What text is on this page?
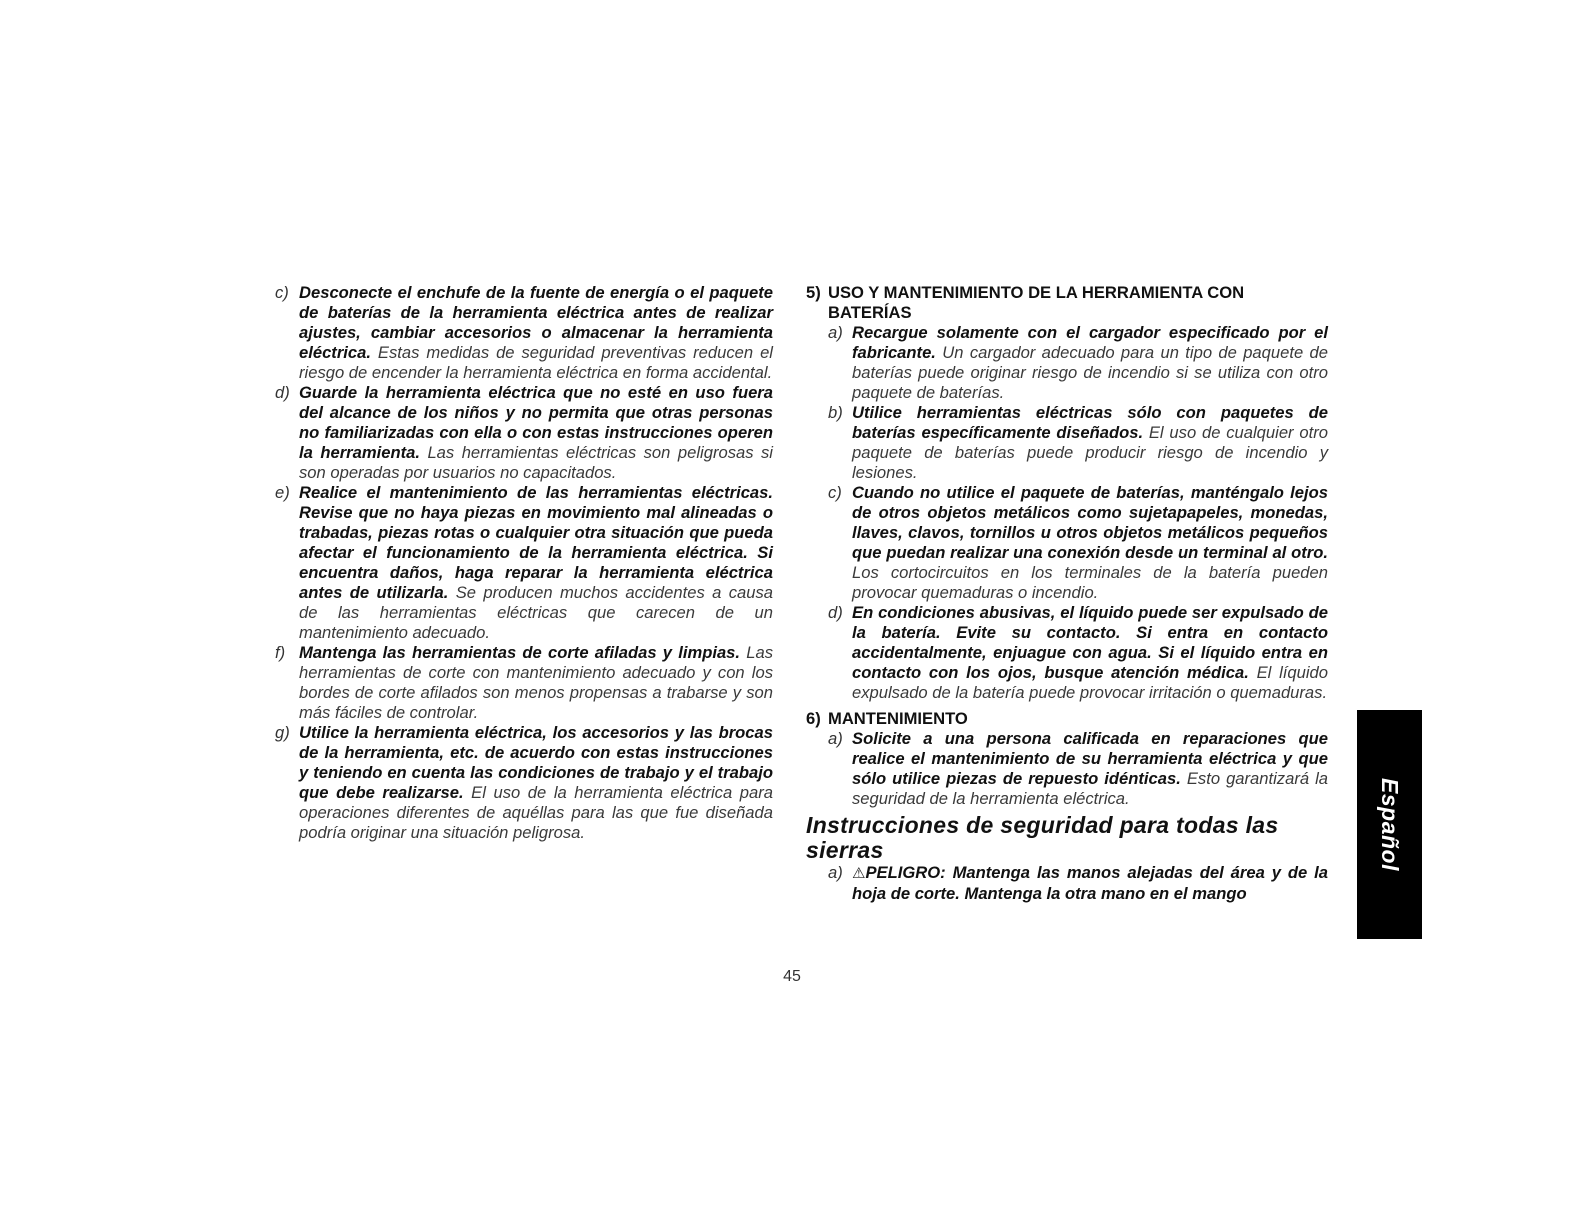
c) Desconecte el enchufe de la fuente de energía o el paquete de baterías de la herramienta eléctrica antes de realizar ajustes, cambiar accesorios o almacenar la herramienta eléctrica. Estas medidas de seguridad preventivas reducen el riesgo de encender la herramienta eléctrica en forma accidental.
d) Guarde la herramienta eléctrica que no esté en uso fuera del alcance de los niños y no permita que otras personas no familiarizadas con ella o con estas instrucciones operen la herramienta. Las herramientas eléctricas son peligrosas si son operadas por usuarios no capacitados.
e) Realice el mantenimiento de las herramientas eléctricas. Revise que no haya piezas en movimiento mal alineadas o trabadas, piezas rotas o cualquier otra situación que pueda afectar el funcionamiento de la herramienta eléctrica. Si encuentra daños, haga reparar la herramienta eléctrica antes de utilizarla. Se producen muchos accidentes a causa de las herramientas eléctricas que carecen de un mantenimiento adecuado.
f) Mantenga las herramientas de corte afiladas y limpias. Las herramientas de corte con mantenimiento adecuado y con los bordes de corte afilados son menos propensas a trabarse y son más fáciles de controlar.
g) Utilice la herramienta eléctrica, los accesorios y las brocas de la herramienta, etc. de acuerdo con estas instrucciones y teniendo en cuenta las condiciones de trabajo y el trabajo que debe realizarse. El uso de la herramienta eléctrica para operaciones diferentes de aquéllas para las que fue diseñada podría originar una situación peligrosa.
5) USO Y MANTENIMIENTO DE LA HERRAMIENTA CON BATERÍAS
a) Recargue solamente con el cargador especificado por el fabricante. Un cargador adecuado para un tipo de paquete de baterías puede originar riesgo de incendio si se utiliza con otro paquete de baterías.
b) Utilice herramientas eléctricas sólo con paquetes de baterías específicamente diseñados. El uso de cualquier otro paquete de baterías puede producir riesgo de incendio y lesiones.
c) Cuando no utilice el paquete de baterías, manténgalo lejos de otros objetos metálicos como sujetapapeles, monedas, llaves, clavos, tornillos u otros objetos metálicos pequeños que puedan realizar una conexión desde un terminal al otro. Los cortocircuitos en los terminales de la batería pueden provocar quemaduras o incendio.
d) En condiciones abusivas, el líquido puede ser expulsado de la batería. Evite su contacto. Si entra en contacto accidentalmente, enjuague con agua. Si el líquido entra en contacto con los ojos, busque atención médica. El líquido expulsado de la batería puede provocar irritación o quemaduras.
6) MANTENIMIENTO
a) Solicite a una persona calificada en reparaciones que realice el mantenimiento de su herramienta eléctrica y que sólo utilice piezas de repuesto idénticas. Esto garantizará la seguridad de la herramienta eléctrica.
Instrucciones de seguridad para todas las sierras
a) ⚠PELIGRO: Mantenga las manos alejadas del área y de la hoja de corte. Mantenga la otra mano en el mango
Español
45
